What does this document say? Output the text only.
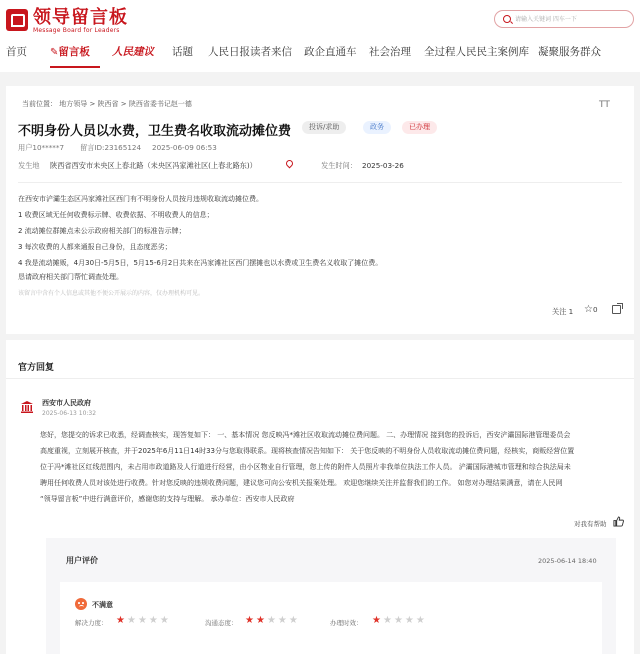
领导留言板
Message Board for Leaders
请输入关键词 四车一下
首页 ✎留言板 人民建议 话题 人民日报读者来信 政企直通车 社会治理 全过程人民民主案例库 凝聚服务群众
当前位置： 地方领导 > 陕西省 > 陕西省委书记赵一德	TT
不明身份人员以水费，卫生费名收取流动摊位费	投诉/求助	政务	已办理
用户10*****7 留言ID:23165124 2025-06-09 06:53
发生地 陕西省西安市未央区上春北路（未央区冯家滩社区(上春北路东)）	发生时间： 2025-03-26
在西安市浐灞生态区冯家滩社区西门有不明身份人员按月违规收取流动摊位费。
1 收费区域无任何收费标示牌、收费依据、不明收费人的信息；
2 流动摊位群摊点未公示政府相关部门的标准告示牌；
3 每次收费的人都来通报自己身份，且态度恶劣；
4 我是流动摊贩，4月30日-5月5日，5月15-6月2日共来在冯家滩社区西门摆摊也以水费或卫生费名义收取了摊位费。
恳请政府相关部门帮忙调查处理。
该留言中含有个人信息或其他不便公开展示的内容，仅办理机构可见。
关注 1 ☆0
官方回复
西安市人民政府
2025-06-13 10:32
您好，您提交的诉求已收悉，经调查核实，现答复如下： 一、基本情况 您反映冯*滩社区收取流动摊位费问题。 二、办理情况 接到您的投诉后，西安浐灞国际港管理委员会
高度重视，立刻展开核查，并于2025年6月11日14时33分与您取得联系。现将核查情况告知如下： 关于您反映的不明身份人员收取流动摊位费问题，经核实，商贩经营位置
位于冯*滩社区红线范围内，未占用市政道路及人行道进行经营，由小区物业自行管理，您上传的附件人员照片非我单位执法工作人员。 浐灞国际港城市管理和综合执法局未
聘用任何收费人员对该处进行收费。针对您反映的违规收费问题，建议您可向公安机关报案处理。 欢迎您继续关注并监督我们的工作。 如您对办理结果满意，请在人民网
“领导留言板”中进行满意评价，感谢您的支持与理解。 承办单位：西安市人民政府
对我有帮助
用户评价	2025-06-14 18:40
不满意
解决力度： ★★★★★	沟通态度： ★★★★★	办理时效： ★★★★★
